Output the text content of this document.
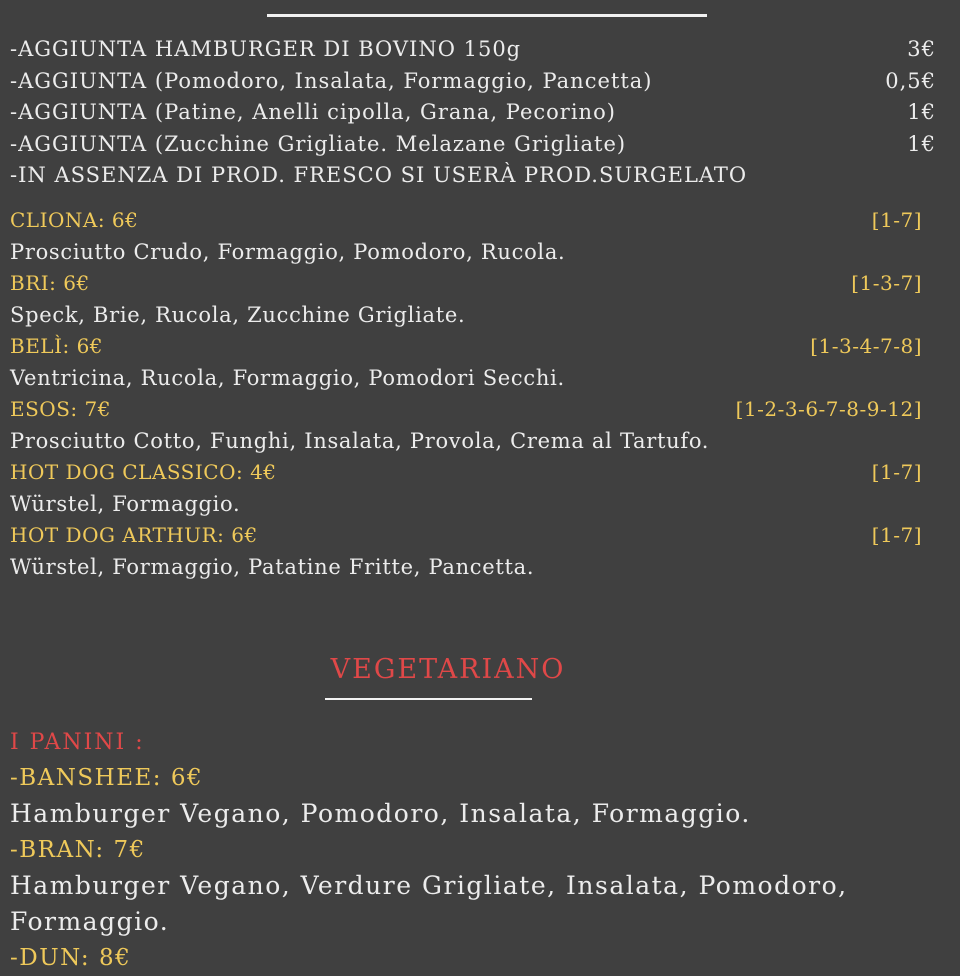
-AGGIUNTA HAMBURGER DI BOVINO 150g	3€
-AGGIUNTA (Pomodoro, Insalata, Formaggio, Pancetta)	0,5€
-AGGIUNTA (Patine, Anelli cipolla, Grana, Pecorino)	1€
-AGGIUNTA (Zucchine Grigliate. Melazane Grigliate)	1€
-IN ASSENZA DI PROD. FRESCO SI USERÀ PROD.SURGELATO
CLIONA: 6€	[1-7]
Prosciutto Crudo, Formaggio, Pomodoro, Rucola.
BRI: 6€	[1-3-7]
Speck, Brie, Rucola, Zucchine Grigliate.
BELÌ: 6€	[1-3-4-7-8]
Ventricina, Rucola, Formaggio, Pomodori Secchi.
ESOS: 7€	[1-2-3-6-7-8-9-12]
Prosciutto Cotto, Funghi, Insalata, Provola, Crema al Tartufo.
HOT DOG CLASSICO: 4€	[1-7]
Würstel, Formaggio.
HOT DOG ARTHUR: 6€	[1-7]
Würstel, Formaggio, Patatine Fritte, Pancetta.
VEGETARIANO
I PANINI :
-BANSHEE: 6€
Hamburger Vegano, Pomodoro, Insalata, Formaggio.
-BRAN: 7€
Hamburger Vegano, Verdure Grigliate, Insalata, Pomodoro, Formaggio.
-DUN: 8€
